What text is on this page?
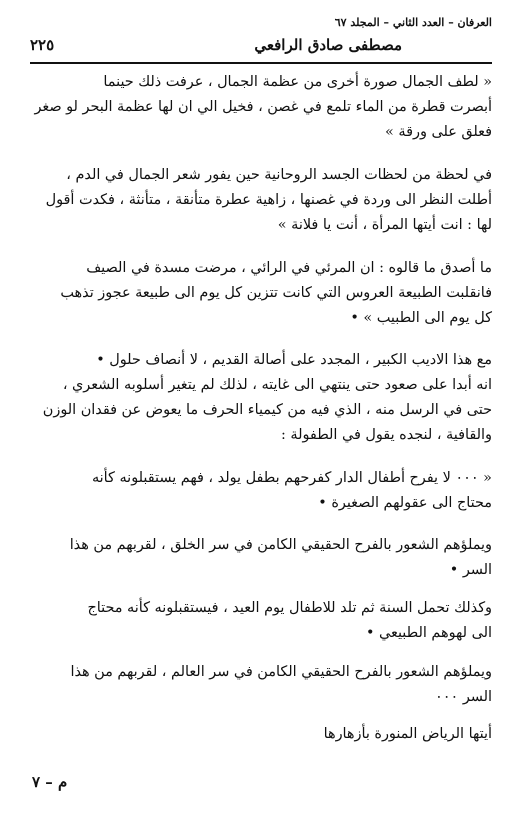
العرفان – العدد الثاني – المجلد ٦٧
مصطفى صادق الرافعي
٢٢٥
« لطف الجمال صورة أخرى من عظمة الجمال ، عرفت ذلك حينما
أبصرت قطرة من الماء تلمع في غصن ، فخيل الي ان لها عظمة البحر لو صغر
فعلق على ورقة »
في لحظة من لحظات الجسد الروحانية حين يفور شعر الجمال في الدم ،
أطلت النظر الى وردة في غصنها ، زاهية عطرة متأنقة ، متأنثة ، فكدت أقول
لها : انت أيتها المرأة ، أنت يا فلانة »
ما أصدق ما قالوه : ان المرئي في الرائي ، مرضت مسدة في الصيف
فانقلبت الطبيعة العروس التي كانت تتزين كل يوم الى طبيعة عجوز تذهب
كل يوم الى الطبيب » •
مع هذا الاديب الكبير ، المجدد على أصالة القديم ، لا أنصاف حلول •
انه أبدا على صعود حتى ينتهي الى غايته ، لذلك لم يتغير أسلوبه الشعري ،
حتى في الرسل منه ، الذي فيه من كيمياء الحرف ما يعوض عن فقدان الوزن
والقافية ، لنجده يقول في الطفولة :
« ٠٠٠ لا يفرح أطفال الدار كفرحهم بطفل يولد ، فهم يستقبلونه كأنه
محتاج الى عقولهم الصغيرة •
ويملؤهم الشعور بالفرح الحقيقي الكامن في سر الخلق ، لقربهم من هذا
السر •
وكذلك تحمل السنة ثم تلد للاطفال يوم العيد ، فيستقبلونه كأنه محتاج
الى لهوهم الطبيعي •
ويملؤهم الشعور بالفرح الحقيقي الكامن في سر العالم ، لقربهم من هذا
السر ٠٠٠
أيتها الرياض المنورة بأزهارها
م – ٧
